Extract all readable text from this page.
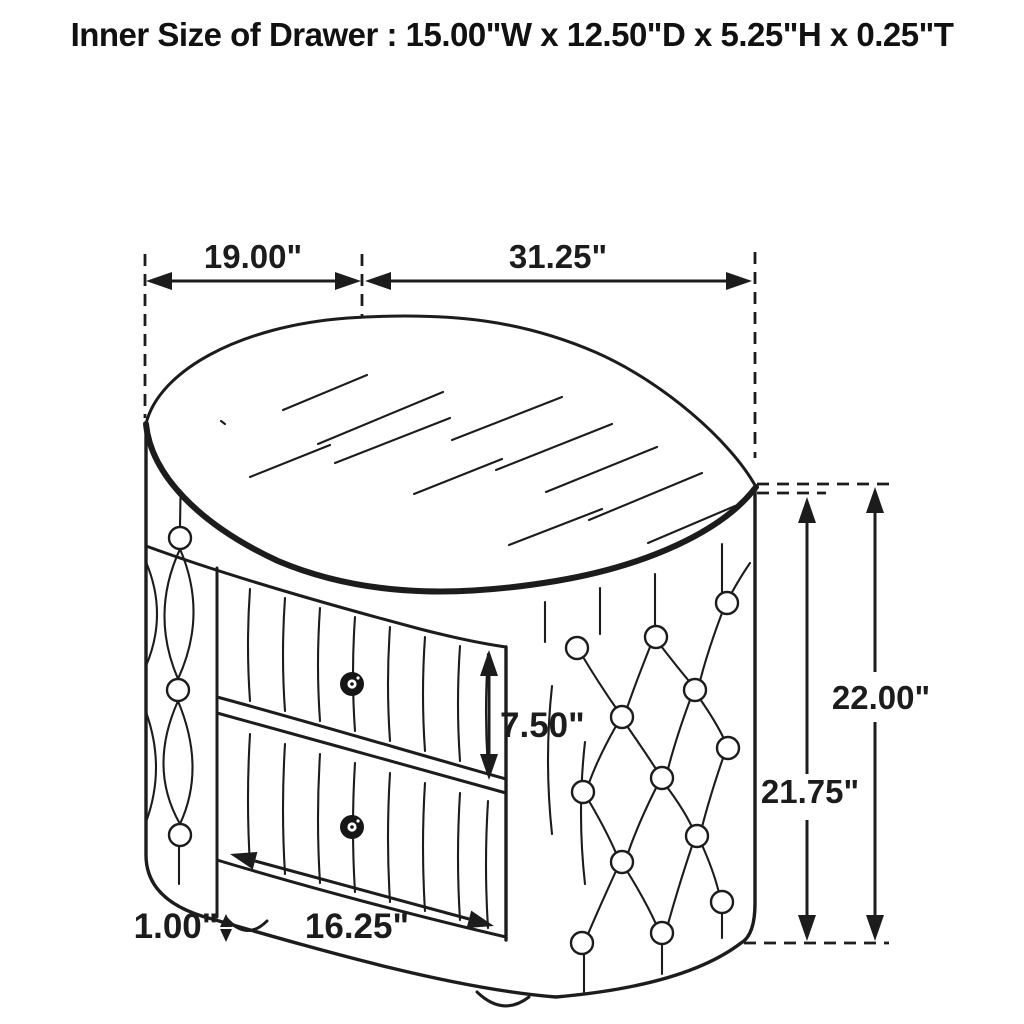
Inner Size of Drawer : 15.00"W x 12.50"D x 5.25"H x 0.25"T
19.00"	31.25"
22.00"
21.75"
7.50"
16.25"
1.00"
